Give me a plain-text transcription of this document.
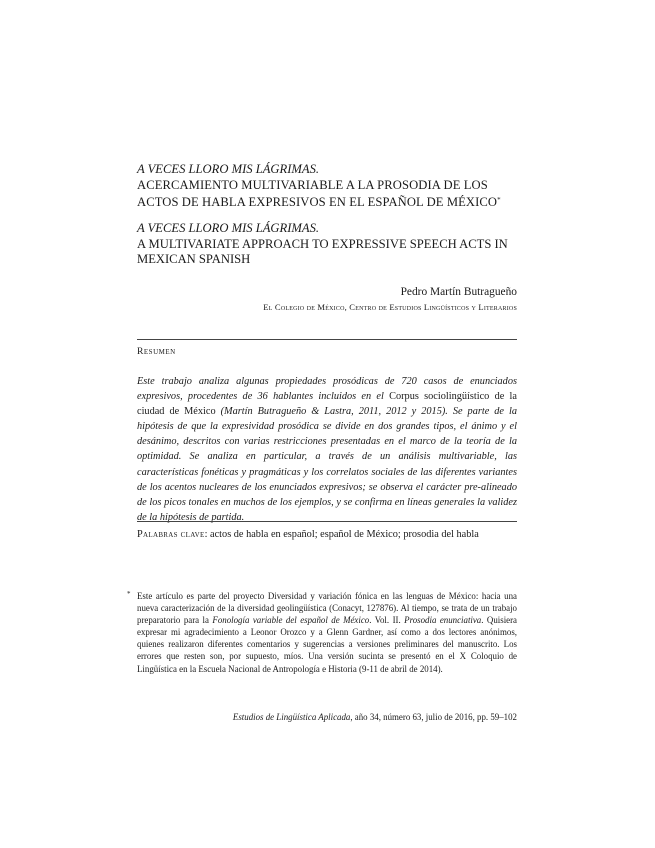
A VECES LLORO MIS LÁGRIMAS.
ACERCAMIENTO MULTIVARIABLE A LA PROSODIA DE LOS
ACTOS DE HABLA EXPRESIVOS EN EL ESPAÑOL DE MÉXICO*
A VECES LLORO MIS LÁGRIMAS.
A MULTIVARIATE APPROACH TO EXPRESSIVE SPEECH ACTS IN
MEXICAN SPANISH
Pedro Martín Butragueño
El Colegio de México, Centro de Estudios Lingüísticos y Literarios
Resumen
Este trabajo analiza algunas propiedades prosódicas de 720 casos de enunciados expresivos, procedentes de 36 hablantes incluidos en el Corpus sociolingüístico de la ciudad de México (Martín Butragueño & Lastra, 2011, 2012 y 2015). Se parte de la hipótesis de que la expresividad prosódica se divide en dos grandes tipos, el ánimo y el desánimo, descritos con varias restricciones presentadas en el marco de la teoría de la optimidad. Se analiza en particular, a través de un análisis multivariable, las características fonéticas y pragmáticas y los correlatos sociales de las diferentes variantes de los acentos nucleares de los enunciados expresivos; se observa el carácter pre-alineado de los picos tonales en muchos de los ejemplos, y se confirma en líneas generales la validez de la hipótesis de partida.
Palabras clave: actos de habla en español; español de México; prosodia del habla
* Este artículo es parte del proyecto Diversidad y variación fónica en las lenguas de México: hacia una nueva caracterización de la diversidad geolingüística (Conacyt, 127876). Al tiempo, se trata de un trabajo preparatorio para la Fonología variable del español de México. Vol. II. Prosodia enunciativa. Quisiera expresar mi agradecimiento a Leonor Orozco y a Glenn Gardner, así como a dos lectores anónimos, quienes realizaron diferentes comentarios y sugerencias a versiones preliminares del manuscrito. Los errores que resten son, por supuesto, míos. Una versión sucinta se presentó en el X Coloquio de Lingüística en la Escuela Nacional de Antropología e Historia (9-11 de abril de 2014).
Estudios de Lingüística Aplicada, año 34, número 63, julio de 2016, pp. 59–102
